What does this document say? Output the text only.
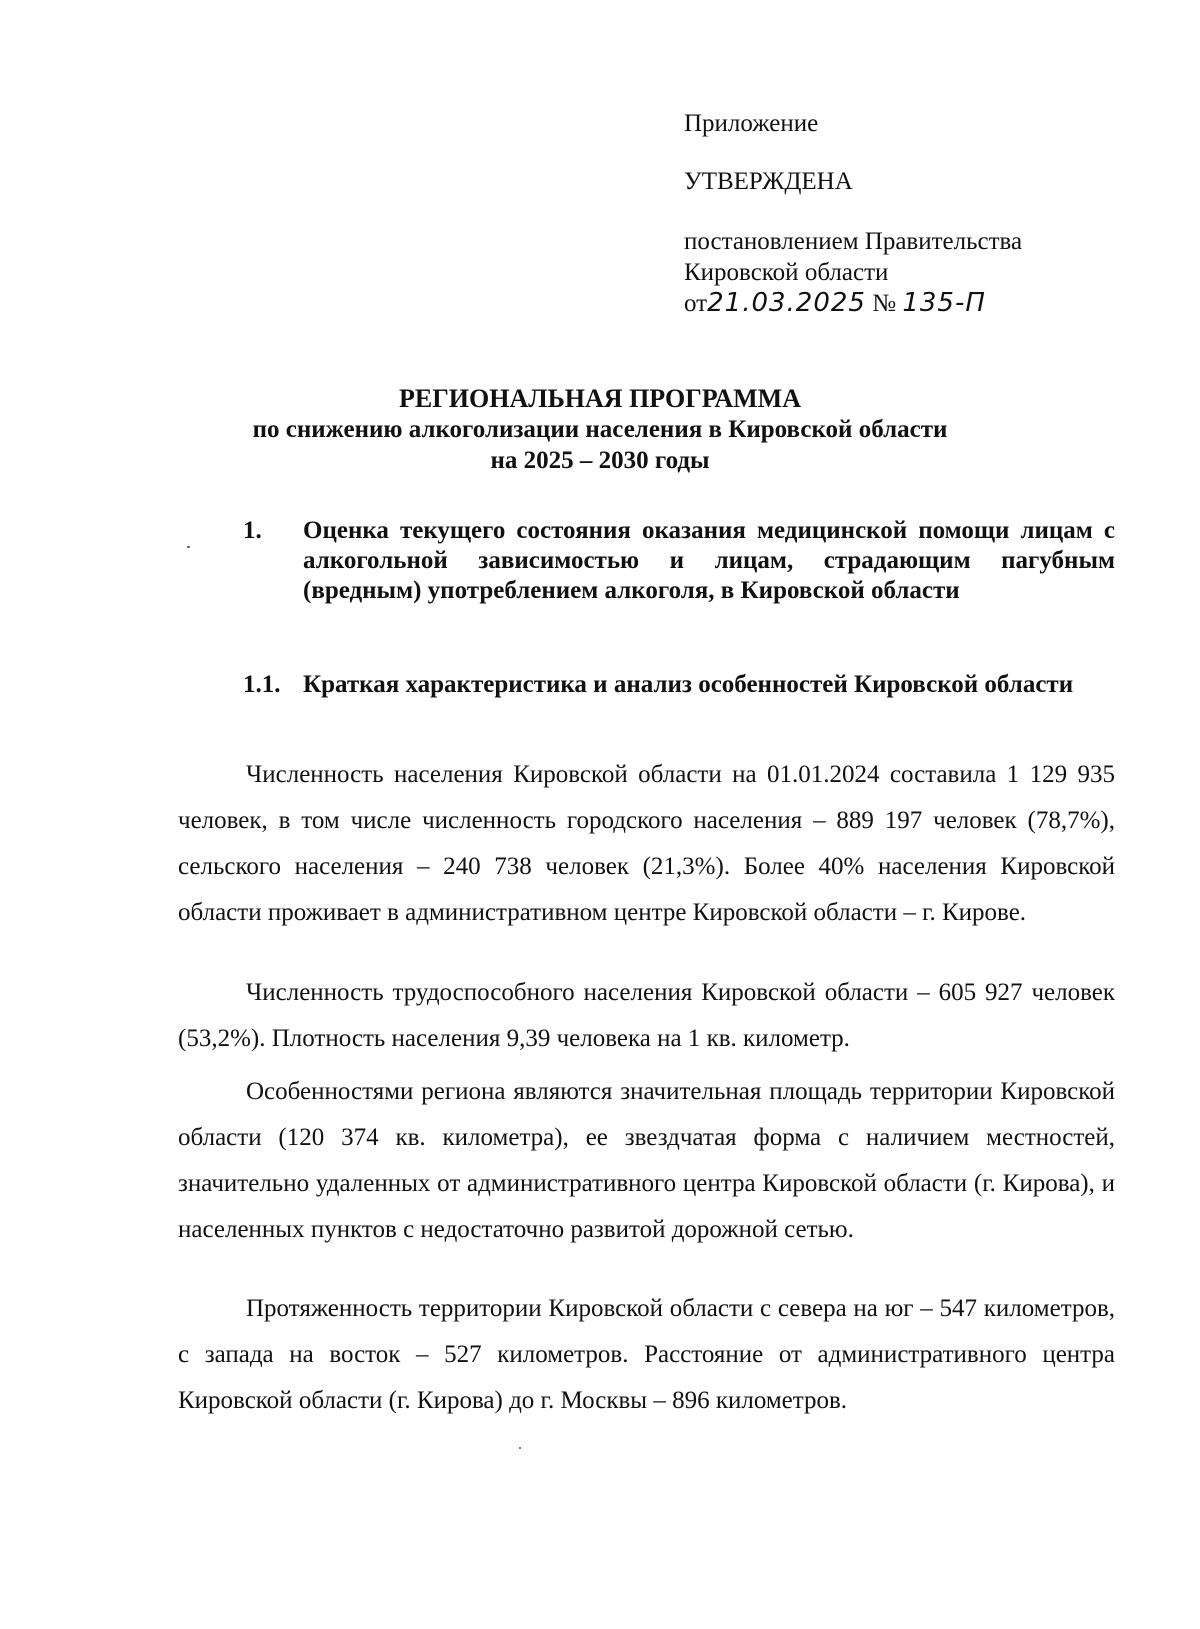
Приложение
УТВЕРЖДЕНА
постановлением Правительства
Кировской области
от21.03.2025 № 135-П
РЕГИОНАЛЬНАЯ ПРОГРАММА
по снижению алкоголизации населения в Кировской области
на 2025 – 2030 годы
1. Оценка текущего состояния оказания медицинской помощи лицам с алкогольной зависимостью и лицам, страдающим пагубным (вредным) употреблением алкоголя, в Кировской области
1.1. Краткая характеристика и анализ особенностей Кировской области

Численность населения Кировской области на 01.01.2024 составила 1 129 935 человек, в том числе численность городского населения – 889 197 человек (78,7%), сельского населения – 240 738 человек (21,3%). Более 40% населения Кировской области проживает в административном центре Кировской области – г. Кирове.

Численность трудоспособного населения Кировской области – 605 927 человек (53,2%). Плотность населения 9,39 человека на 1 кв. километр.

Особенностями региона являются значительная площадь территории Кировской области (120 374 кв. километра), ее звездчатая форма с наличием местностей, значительно удаленных от административного центра Кировской области (г. Кирова), и населенных пунктов с недостаточно развитой дорожной сетью.

Протяженность территории Кировской области с севера на юг – 547 километров, с запада на восток – 527 километров. Расстояние от административного центра Кировской области (г. Кирова) до г. Москвы – 896 километров.
